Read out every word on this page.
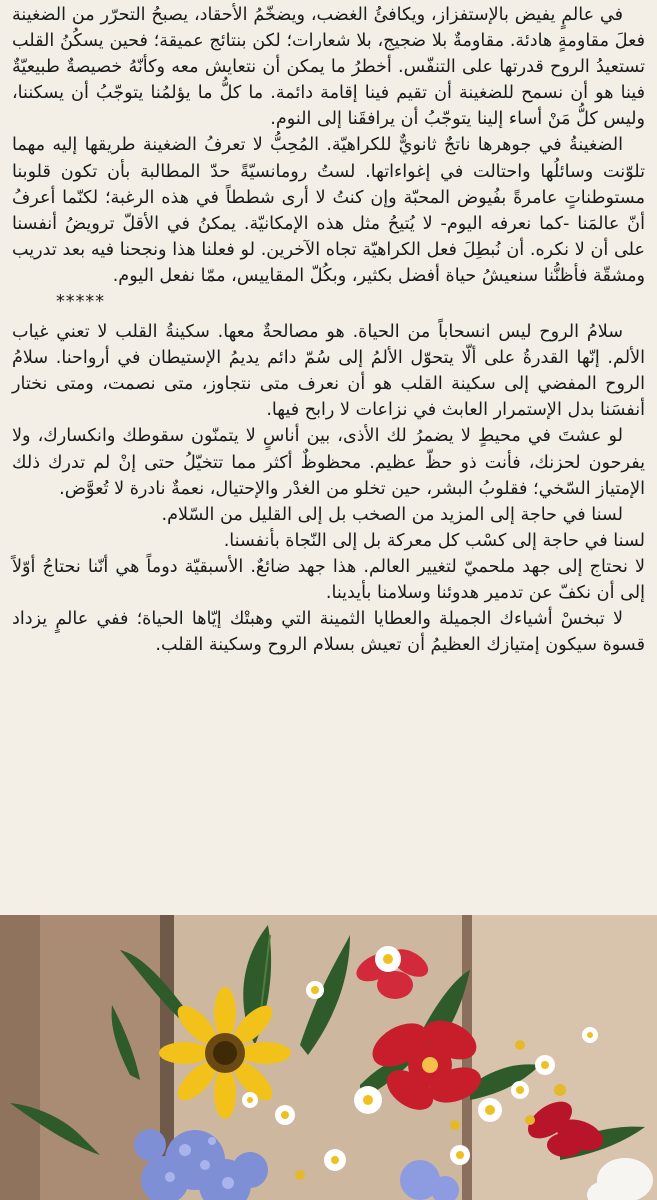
في عالمٍ يفيض بالإستفزاز، ويكافئُ الغضب، ويضخّمُ الأحقاد، يصبحُ التحرّر من الضغينة فعلَ مقاومةٍ هادئة. مقاومةٌ بلا ضجيج، بلا شعارات؛ لكن بنتائج عميقة؛ فحين يسكُنُ القلب تستعيدُ الروح قدرتها على التنفّس. أخطرُ ما يمكن أن نتعايش معه وكأنّهُ خصيصةٌ طبيعيّةٌ فينا هو أن نسمح للضغينة أن تقيم فينا إقامة دائمة. ما كلُّ ما يؤلمُنا يتوجّبُ أن يسكننا، وليس كلُّ مَنْ أساء إلينا يتوجّبُ أن يرافقَنا إلى النوم.

الضغينةُ في جوهرها ناتجٌ ثانويٌّ للكراهيّة. المُحِبُّ لا تعرفُ الضغينة طريقها إليه مهما تلوّنت وسائلُها واحتالت في إغواءاتها. لستُ رومانسيّةً حدّ المطالبة بأن تكون قلوبنا مستوطناتٍ عامرةً بفُيوض المحبّة وإن كنتُ لا أرى شططاً في هذه الرغبة؛ لكنّما أعرفُ أنّ عالمَنا -كما نعرفه اليوم- لا يُتيحُ مثل هذه الإمكانيّة. يمكنُ في الأقلّ ترويضُ أنفسنا على أن لا نكره. أن نُبطِلَ فعل الكراهيّة تجاه الآخرين. لو فعلنا هذا ونجحنا فيه بعد تدريب ومشقّة فأظنُّنا سنعيشُ حياة أفضل بكثير، وبكُلّ المقاييس، ممّا نفعل اليوم.

*****

سلامُ الروح ليس انسحاباً من الحياة. هو مصالحةٌ معها. سكينةُ القلب لا تعني غياب الألم. إنّها القدرةُ على ألّا يتحوّل الألمُ إلى سُمّ دائم يديمُ الإستيطان في أرواحنا. سلامُ الروح المفضي إلى سكينة القلب هو أن نعرف متى نتجاوز، متى نصمت، ومتى نختار أنفسَنا بدل الإستمرار العابث في نزاعات لا رابح فيها.

لو عشتَ في محيطٍ لا يضمرُ لك الأذى، بين أناسٍ لا يتمنّون سقوطك وانكسارك، ولا يفرحون لحزنك، فأنت ذو حظّ عظيم. محظوظٌ أكثر مما تتخيّلُ حتى إنْ لم تدرك ذلك الإمتياز السّخي؛ فقلوبُ البشر، حين تخلو من الغدْر والإحتيال، نعمةٌ نادرة لا تُعوَّض.

لسنا في حاجة إلى المزيد من الصخب بل إلى القليل من السّلام.

لسنا في حاجة إلى كسْب كل معركة بل إلى النّجاة بأنفسنا.

لا نحتاج إلى جهد ملحميّ لتغيير العالم. هذا جهد ضائعٌ. الأسبقيّة دوماً هي أنّنا نحتاجُ أوّلاً إلى أن نكفّ عن تدمير هدوئنا وسلامنا بأيدينا.

لا تبخسْ أشياءك الجميلة والعطايا الثمينة التي وهبتْك إيّاها الحياة؛ ففي عالمٍ يزداد قسوة سيكون إمتيازك العظيمُ أن تعيش بسلام الروح وسكينة القلب.
